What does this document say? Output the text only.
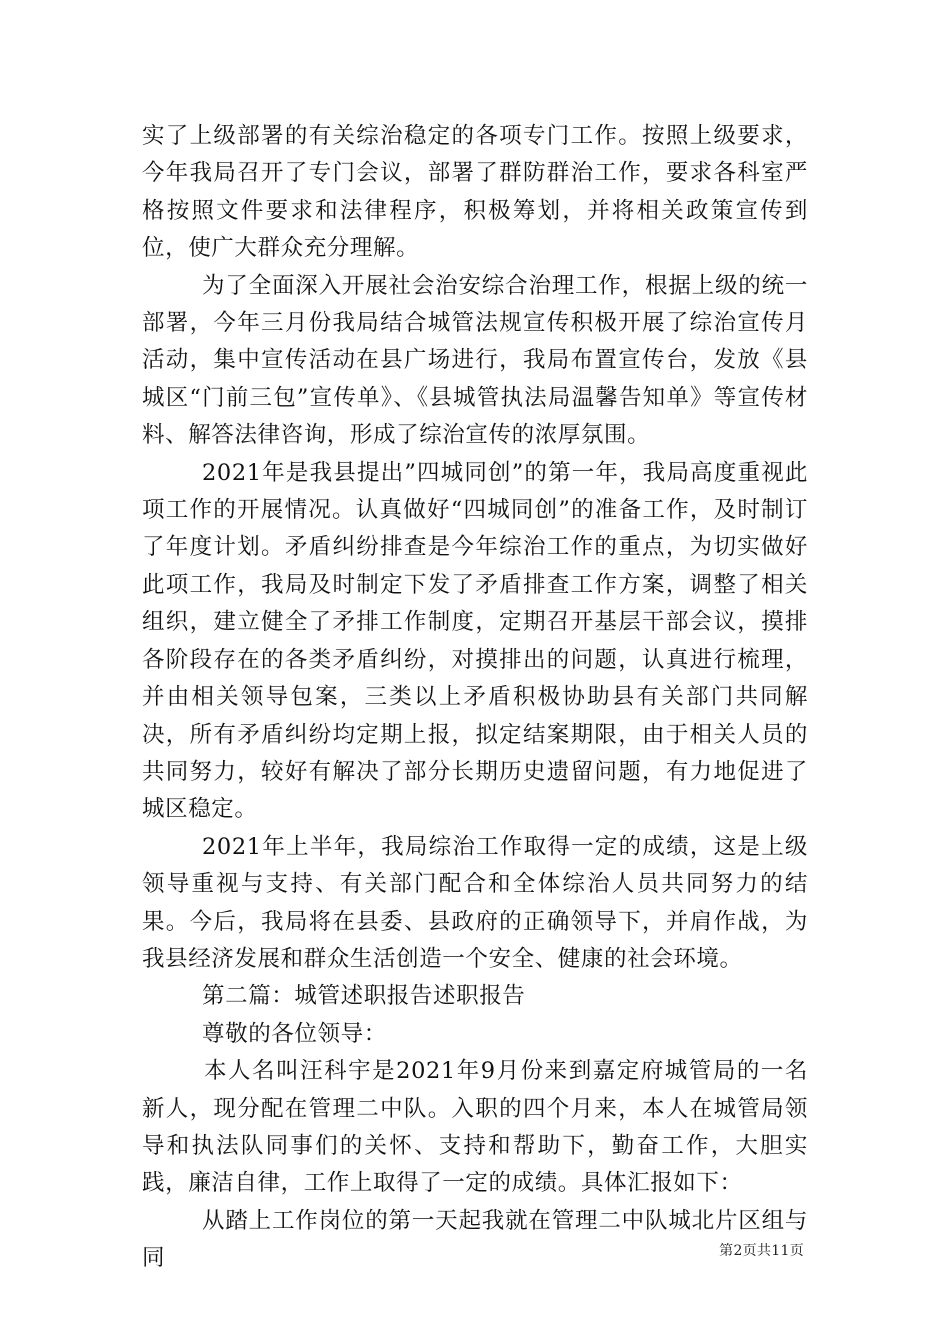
实了上级部署的有关综治稳定的各项专门工作。按照上级要求，今年我局召开了专门会议，部署了群防群治工作，要求各科室严格按照文件要求和法律程序，积极筹划，并将相关政策宣传到位，使广大群众充分理解。

为了全面深入开展社会治安综合治理工作，根据上级的统一部署，今年三月份我局结合城管法规宣传积极开展了综治宣传月活动，集中宣传活动在县广场进行，我局布置宣传台，发放《县城区“门前三包”宣传单》、《县城管执法局温馨告知单》等宣传材料、解答法律咨询，形成了综治宣传的浓厚氛围。

2021年是我县提出”四城同创”的第一年，我局高度重视此项工作的开展情况。认真做好“四城同创”的准备工作，及时制订了年度计划。矛盾纠纷排查是今年综治工作的重点，为切实做好此项工作，我局及时制定下发了矛盾排查工作方案，调整了相关组织，建立健全了矛排工作制度，定期召开基层干部会议，摸排各阶段存在的各类矛盾纠纷，对摸排出的问题，认真进行梳理，并由相关领导包案，三类以上矛盾积极协助县有关部门共同解决，所有矛盾纠纷均定期上报，拟定结案期限，由于相关人员的共同努力，较好有解决了部分长期历史遗留问题，有力地促进了城区稳定。

2021年上半年，我局综治工作取得一定的成绩，这是上级领导重视与支持、有关部门配合和全体综治人员共同努力的结果。今后，我局将在县委、县政府的正确领导下，并肩作战，为我县经济发展和群众生活创造一个安全、健康的社会环境。

第二篇：城管述职报告述职报告

尊敬的各位领导：

本人名叫汪科宇是2021年9月份来到嘉定府城管局的一名新人，现分配在管理二中队。入职的四个月来，本人在城管局领导和执法队同事们的关怀、支持和帮助下，勤奋工作，大胆实践，廉洁自律，工作上取得了一定的成绩。具体汇报如下：

从踏上工作岗位的第一天起我就在管理二中队城北片区组与同	第2页共11页
